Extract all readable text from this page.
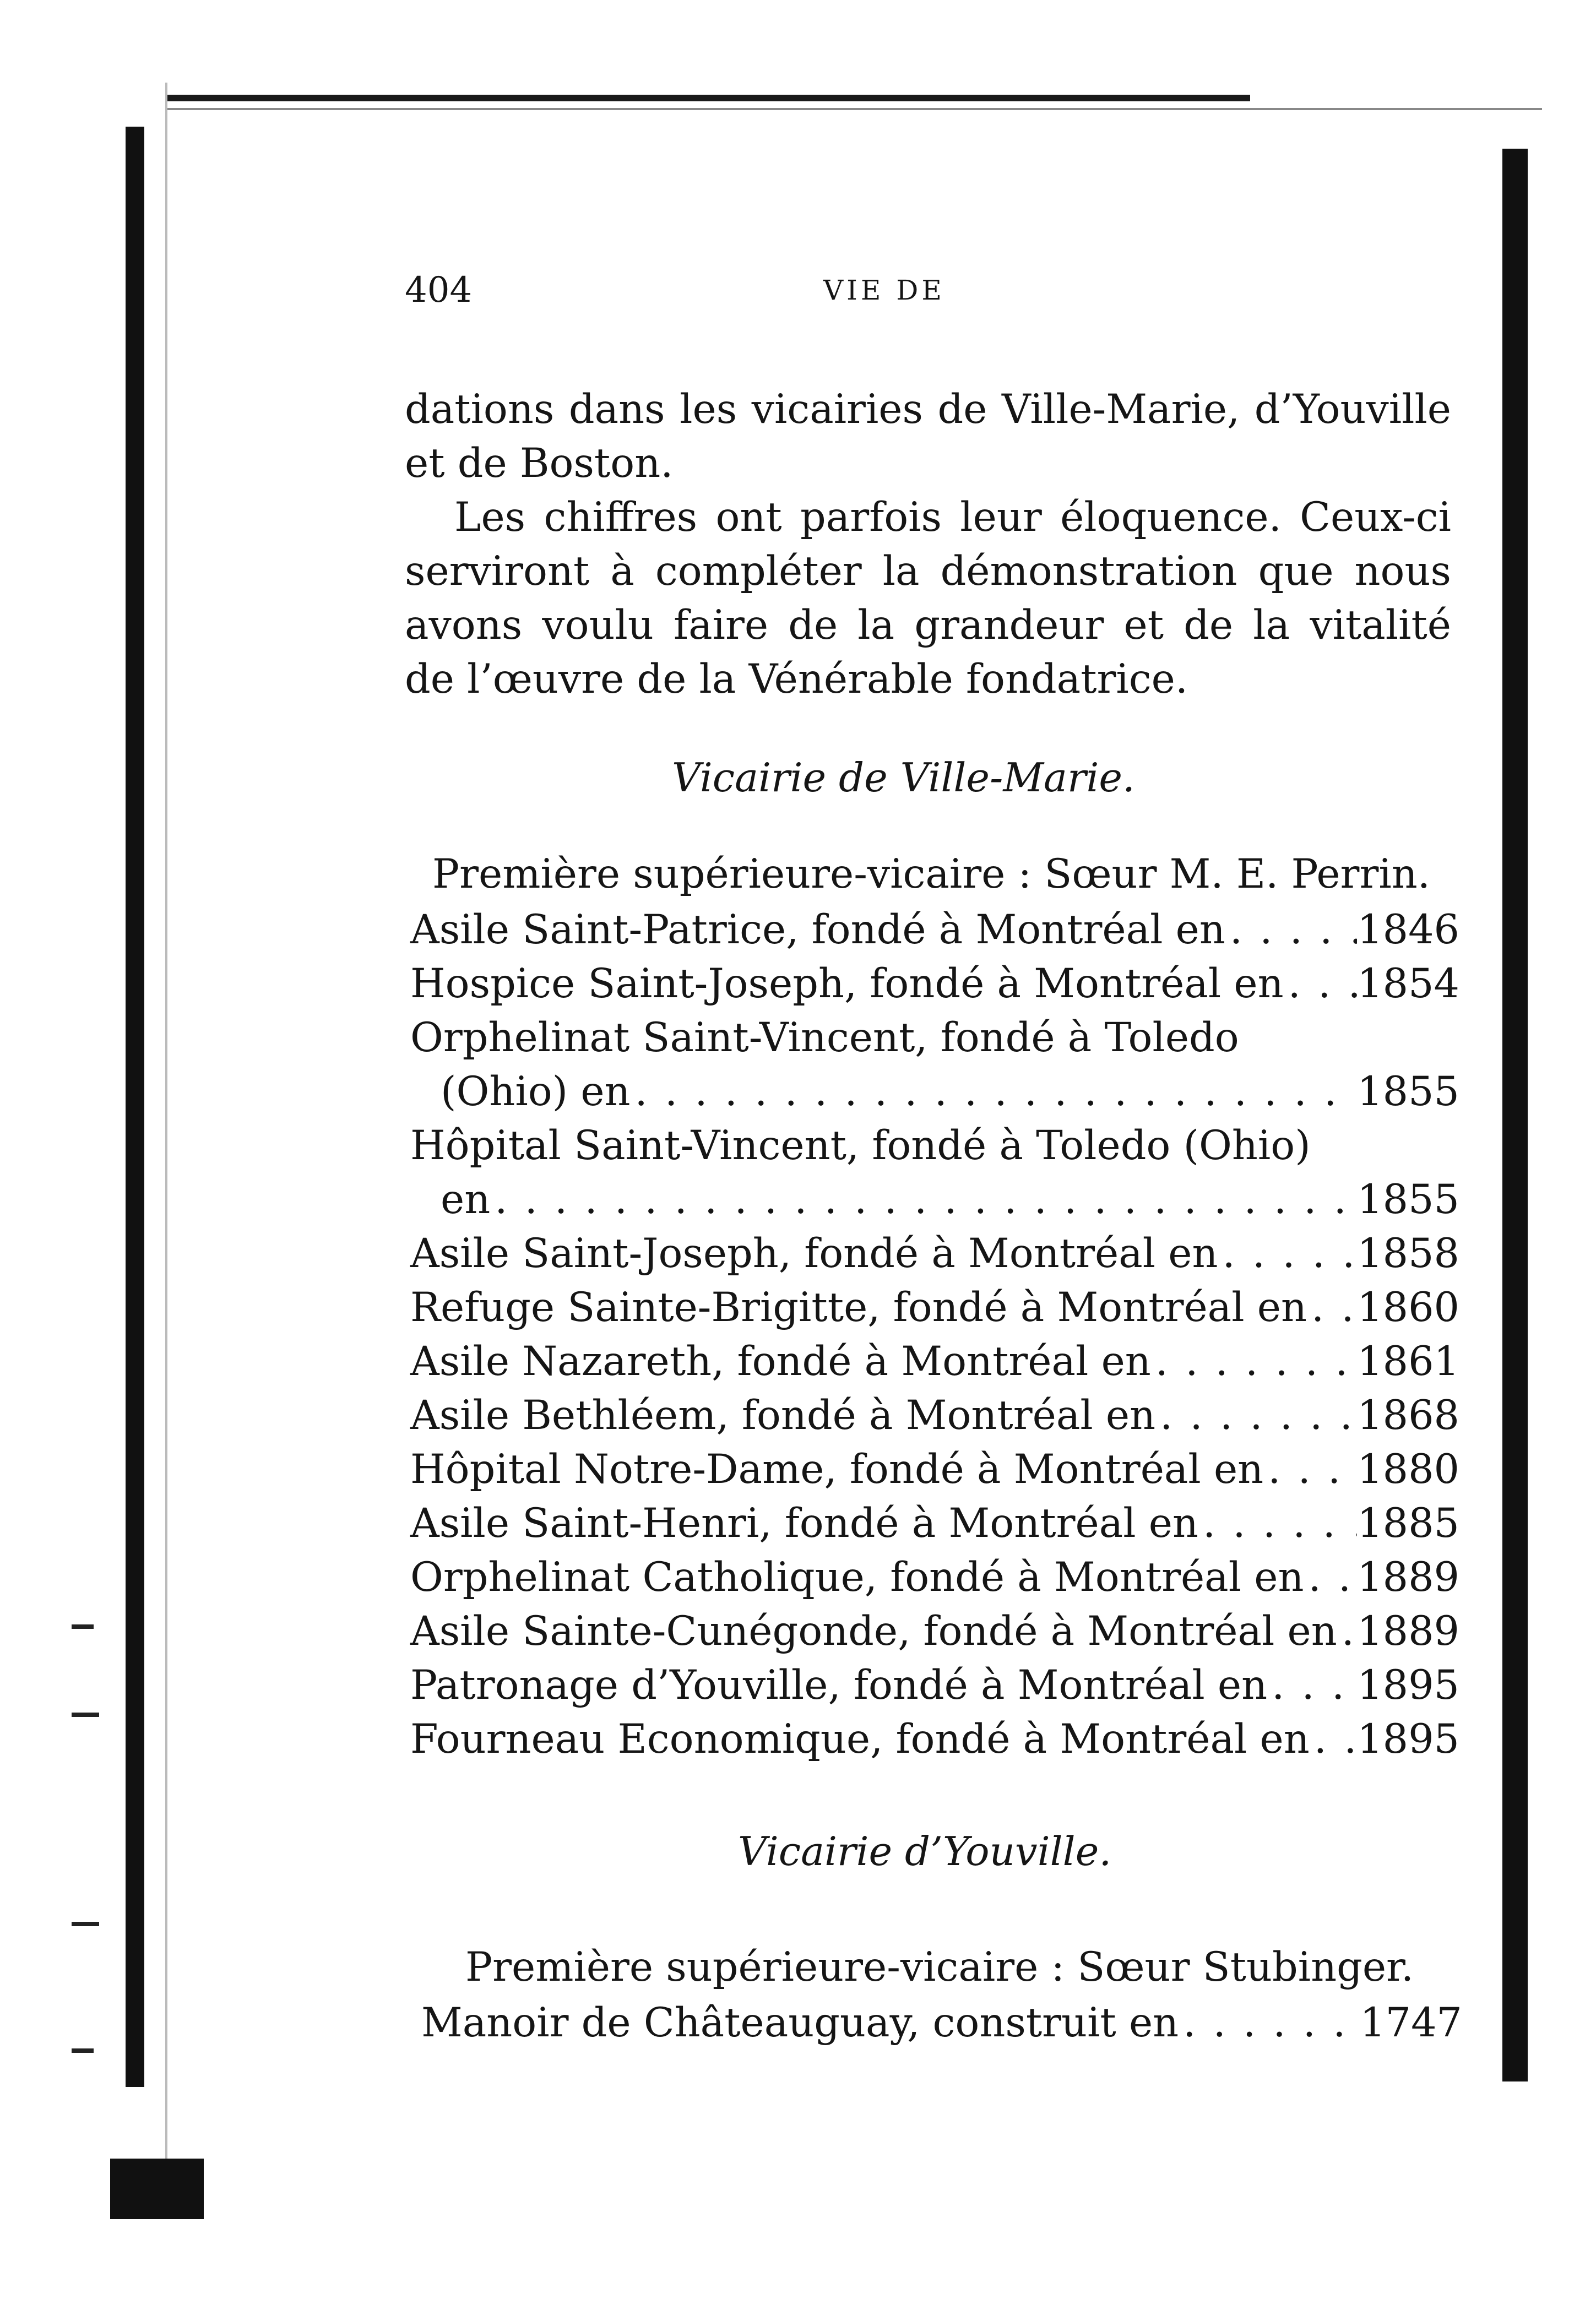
404	VIE DE
dations dans les vicairies de Ville-Marie, d’Youville
et de Boston.
Les chiffres ont parfois leur éloquence. Ceux-ci
serviront à compléter la démonstration que nous
avons voulu faire de la grandeur et de la vitalité
de l’œuvre de la Vénérable fondatrice.
Vicairie de Ville-Marie.
Première supérieure-vicaire : Sœur M. E. Perrin.
Asile Saint-Patrice, fondé à Montréal en . . .	1846
Hospice Saint-Joseph, fondé à Montréal en . . . 1854
Orphelinat Saint-Vincent, fondé à Toledo
(Ohio) en . . .	1855
Hôpital Saint-Vincent, fondé à Toledo (Ohio)
en . . .	1855
Asile Saint-Joseph, fondé à Montréal en . . .	1858
Refuge Sainte-Brigitte, fondé à Montréal en . . . 1860
Asile Nazareth, fondé à Montréal en . . .	1861
Asile Bethléem, fondé à Montréal en . . .	1868
Hôpital Notre-Dame, fondé à Montréal en . . . 1880
Asile Saint-Henri, fondé à Montréal en . . .	1885
Orphelinat Catholique, fondé à Montréal en . . . 1889
Asile Sainte-Cunégonde, fondé à Montréal en . . . 1889
Patronage d’Youville, fondé à Montréal en . . . 1895
Fourneau Economique, fondé à Montréal en . . . 1895
Vicairie d’Youville.
Première supérieure-vicaire : Sœur Stubinger.
Manoir de Châteauguay, construit en . . .	1747
